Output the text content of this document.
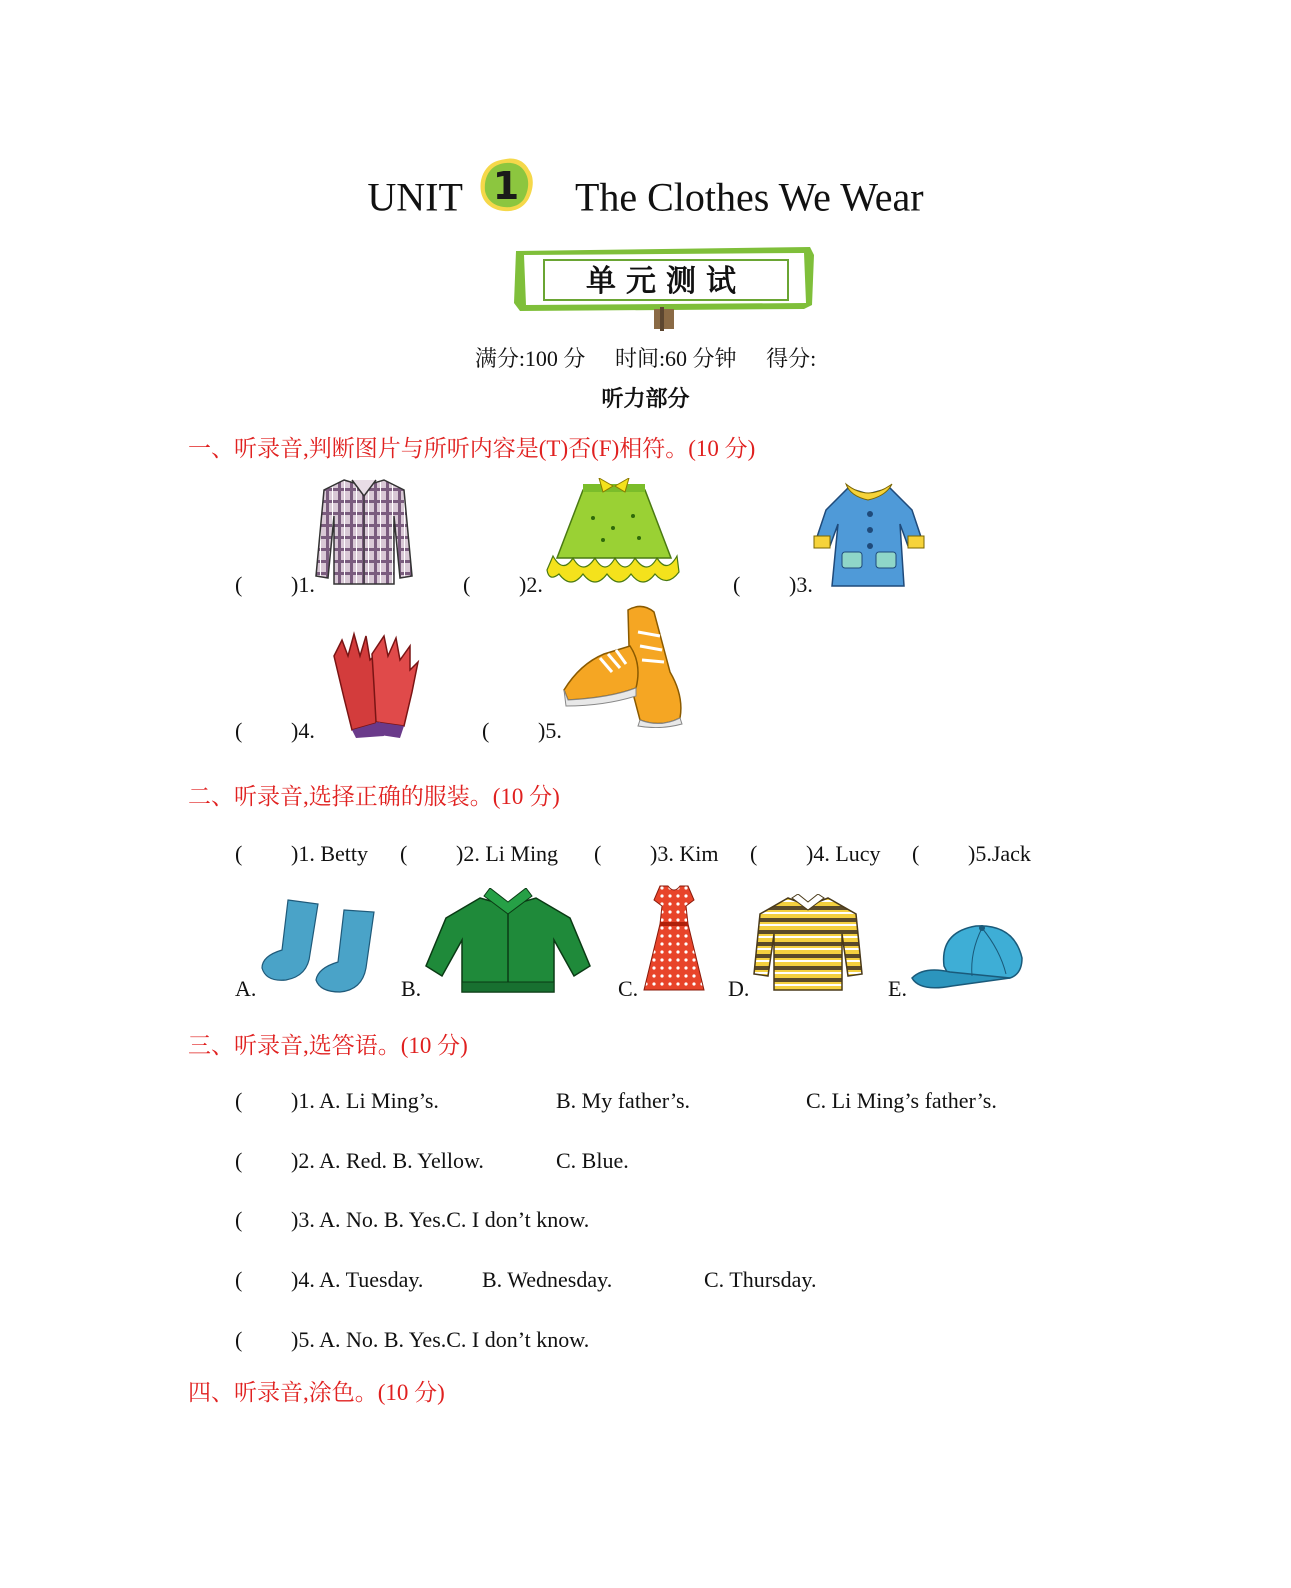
UNIT 1 The Clothes We Wear
单元测试
满分:100 分 时间:60 分钟 得分:
听力部分
一、听录音,判断图片与所听内容是(T)否(F)相符。(10 分)
( )1.	( )2.	( )3.
( )4.	( )5.
二、听录音,选择正确的服装。(10 分)
( )1. Betty ( )2. Li Ming ( )3. Kim ( )4. Lucy ( )5.Jack
A.	B.	C.	D.	E.
三、听录音,选答语。(10 分)
( )1. A. Li Ming’s.	B. My father’s.	C. Li Ming’s father’s.
( )2. A. Red. B. Yellow.	C. Blue.
( )3. A. No. B. Yes.C. I don’t know.
( )4. A. Tuesday.	B. Wednesday.	C. Thursday.
( )5. A. No. B. Yes.C. I don’t know.
四、听录音,涂色。(10 分)
